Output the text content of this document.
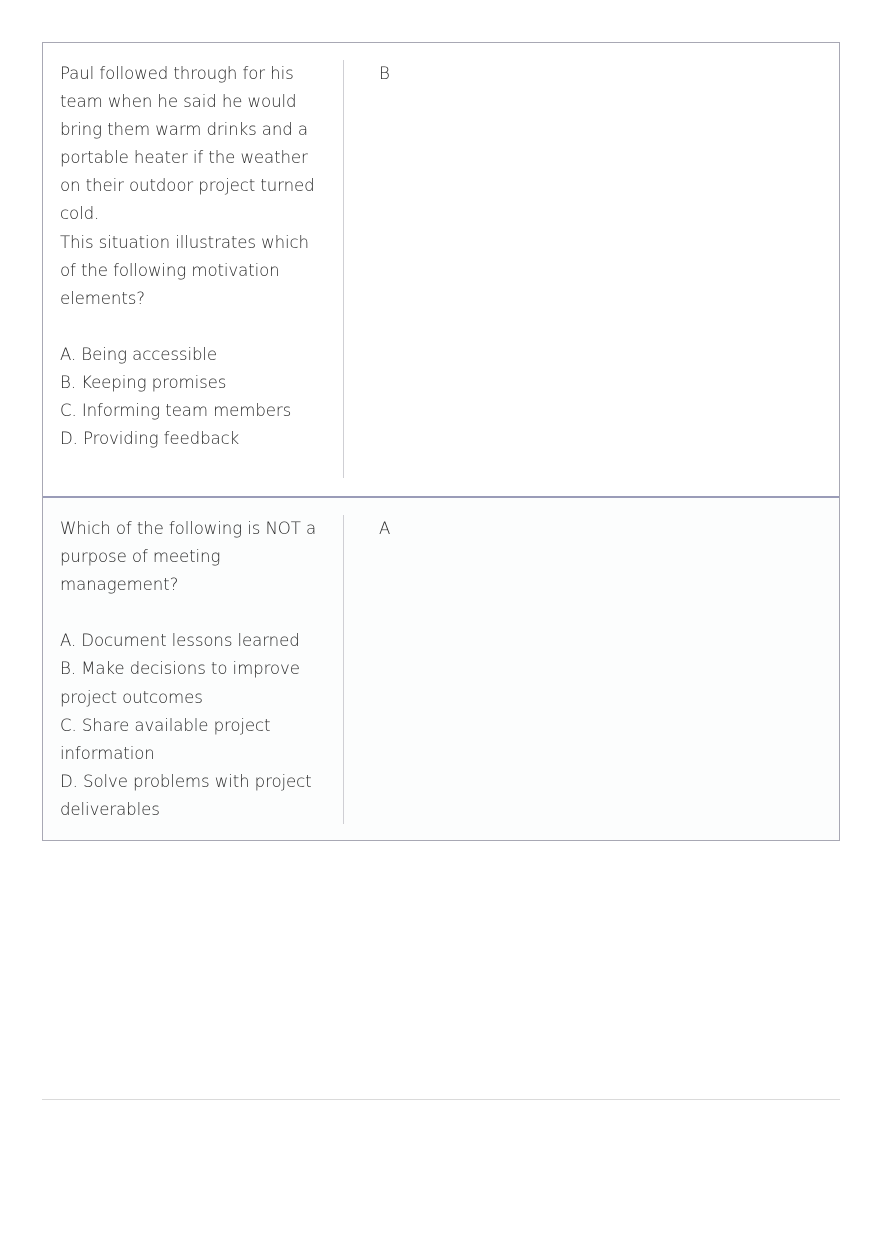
Paul followed through for his
team when he said he would
bring them warm drinks and a
portable heater if the weather
on their outdoor project turned
cold.
This situation illustrates which
of the following motivation
elements?
A. Being accessible
B. Keeping promises
C. Informing team members
D. Providing feedback
B
Which of the following is NOT a
purpose of meeting
management?
A. Document lessons learned
B. Make decisions to improve
project outcomes
C. Share available project
information
D. Solve problems with project
deliverables
A
